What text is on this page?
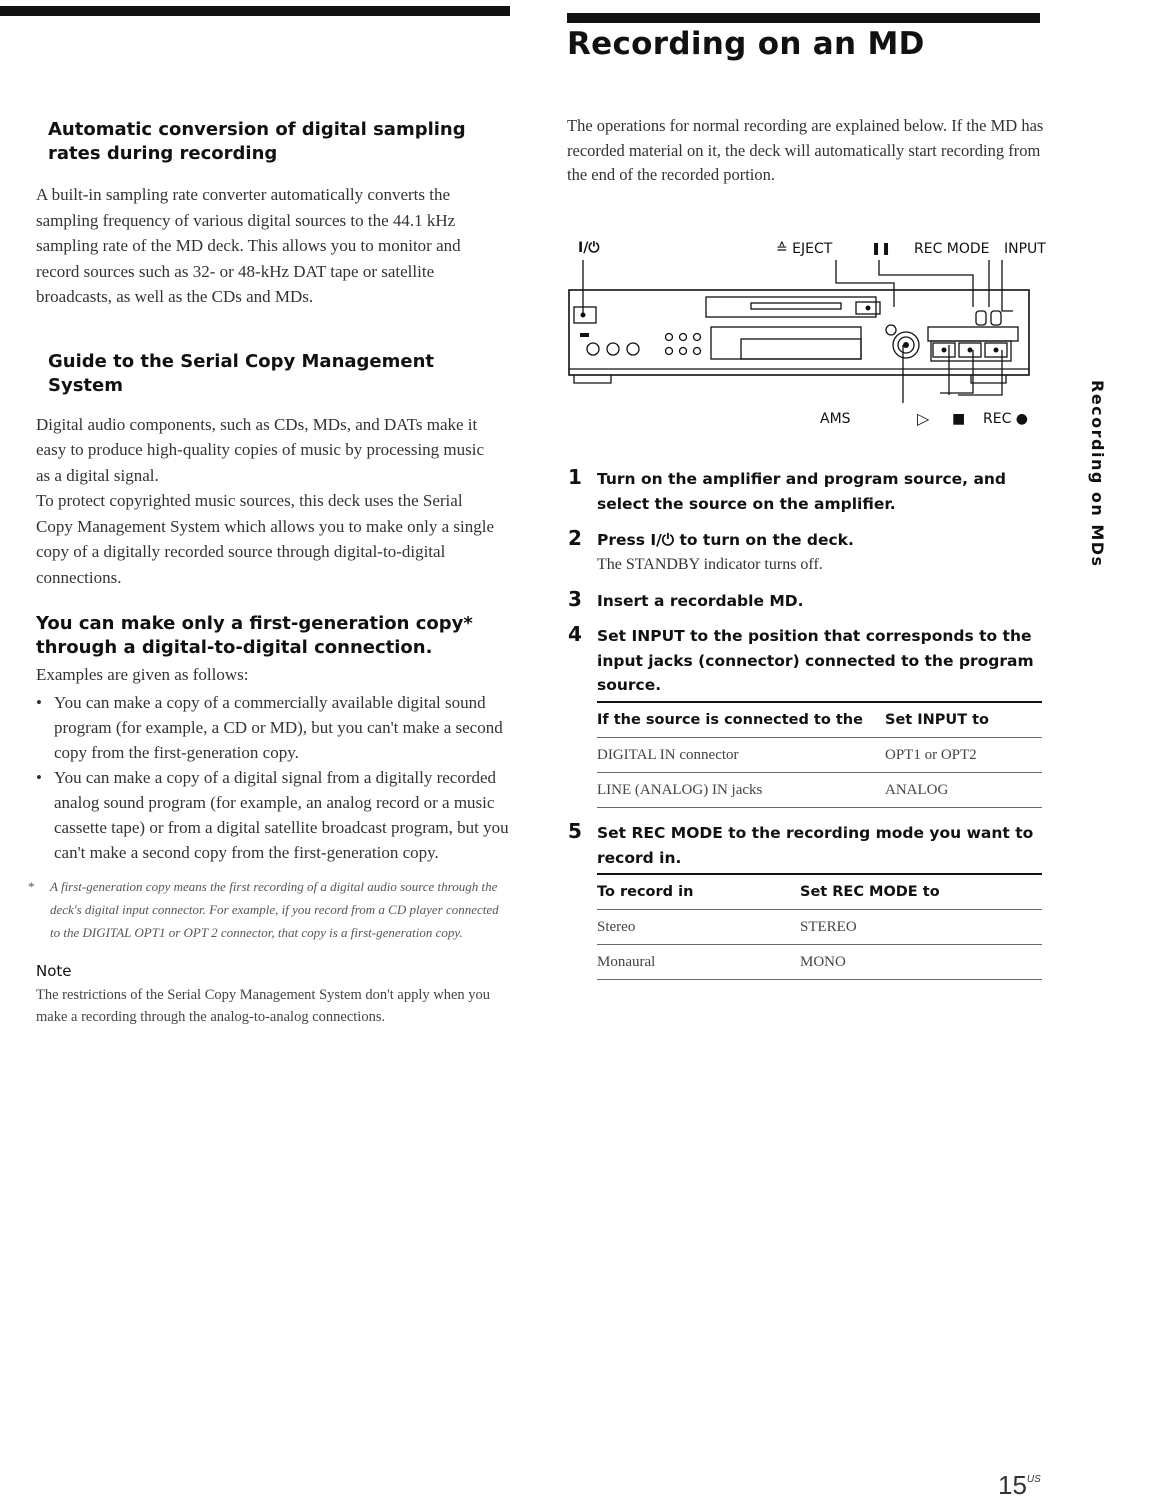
Automatic conversion of digital sampling rates during recording

A built-in sampling rate converter automatically converts the sampling frequency of various digital sources to the 44.1 kHz sampling rate of the MD deck. This allows you to monitor and record sources such as 32- or 48-kHz DAT tape or satellite broadcasts, as well as the CDs and MDs.

Guide to the Serial Copy Management System

Digital audio components, such as CDs, MDs, and DATs make it easy to produce high-quality copies of music by processing music as a digital signal.

To protect copyrighted music sources, this deck uses the Serial Copy Management System which allows you to make only a single copy of a digitally recorded source through digital-to-digital connections.

You can make only a first-generation copy* through a digital-to-digital connection.

Examples are given as follows:

• You can make a copy of a commercially available digital sound program (for example, a CD or MD), but you can't make a second copy from the first-generation copy.
• You can make a copy of a digital signal from a digitally recorded analog sound program (for example, an analog record or a music cassette tape) or from a digital satellite broadcast program, but you can't make a second copy from the first-generation copy.
* A first-generation copy means the first recording of a digital audio source through the deck's digital input connector. For example, if you record from a CD player connected to the DIGITAL OPT1 or OPT 2 connector, that copy is a first-generation copy.
Note
The restrictions of the Serial Copy Management System don't apply when you make a recording through the analog-to-analog connections.
Recording on an MD

The operations for normal recording are explained below. If the MD has recorded material on it, the deck will automatically start recording from the end of the recorded portion.

I/⏻	≙ EJECT	❚❚ REC MODE INPUT
AMS	▷ ■ REC ●
1 Turn on the amplifier and program source, and select the source on the amplifier.
2 Press I/⏻ to turn on the deck.
The STANDBY indicator turns off.
3 Insert a recordable MD.
4 Set INPUT to the position that corresponds to the input jacks (connector) connected to the program source.
If the source is connected to the	Set INPUT to
DIGITAL IN connector	OPT1 or OPT2
LINE (ANALOG) IN jacks	ANALOG
5 Set REC MODE to the recording mode you want to record in.
To record in	Set REC MODE to
Stereo	STEREO
Monaural	MONO
Recording on MDs
$15^{US}$
